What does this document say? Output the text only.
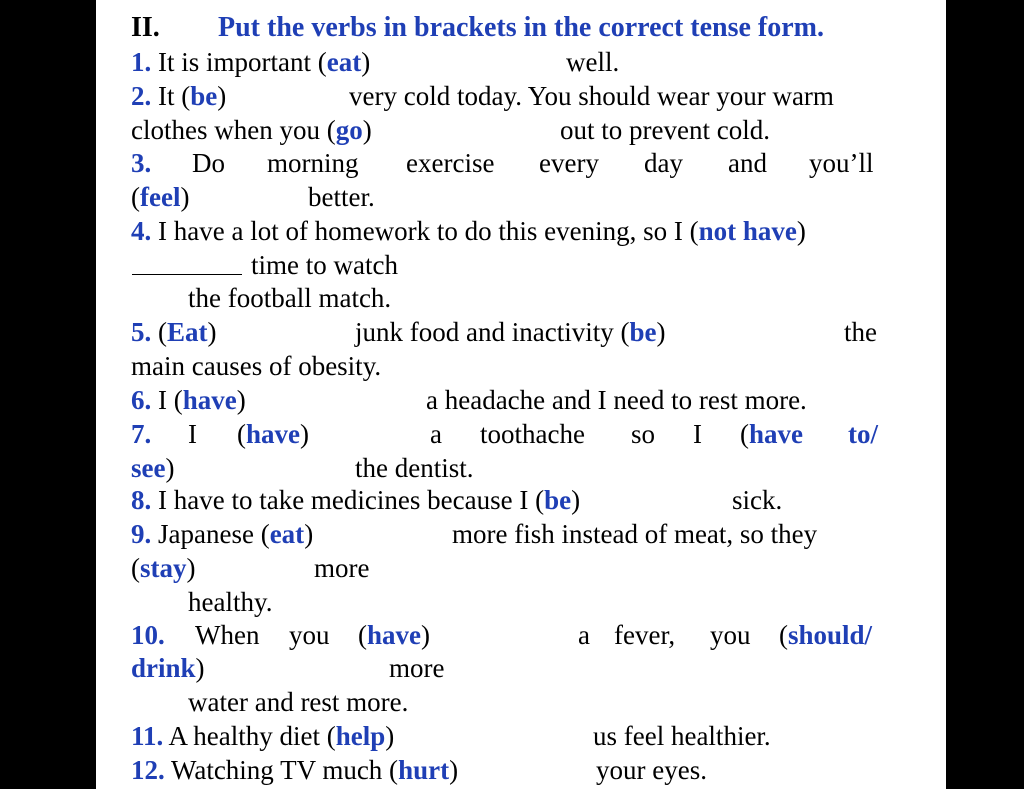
II. Put the verbs in brackets in the correct tense form.
1. It is important (eat)	well.
2. It (be)	very cold today. You should wear your warm
clothes when you (go)	out to prevent cold.
3. Do morning exercise every day and you’ll
(feel)	better.
4. I have a lot of homework to do this evening, so I (not have)
time to watch
the football match.
5. (Eat)	junk food and inactivity (be)	the
main causes of obesity.
6. I (have)	a headache and I need to rest more.
7. I (have)	a toothache so I (have to/
see)	the dentist.
8. I have to take medicines because I (be)	sick.
9. Japanese (eat)	more fish instead of meat, so they
(stay)	more
healthy.
10. When you (have)	a fever, you (should/
drink)	more
water and rest more.
11. A healthy diet (help)	us feel healthier.
12. Watching TV much (hurt)	your eyes.
